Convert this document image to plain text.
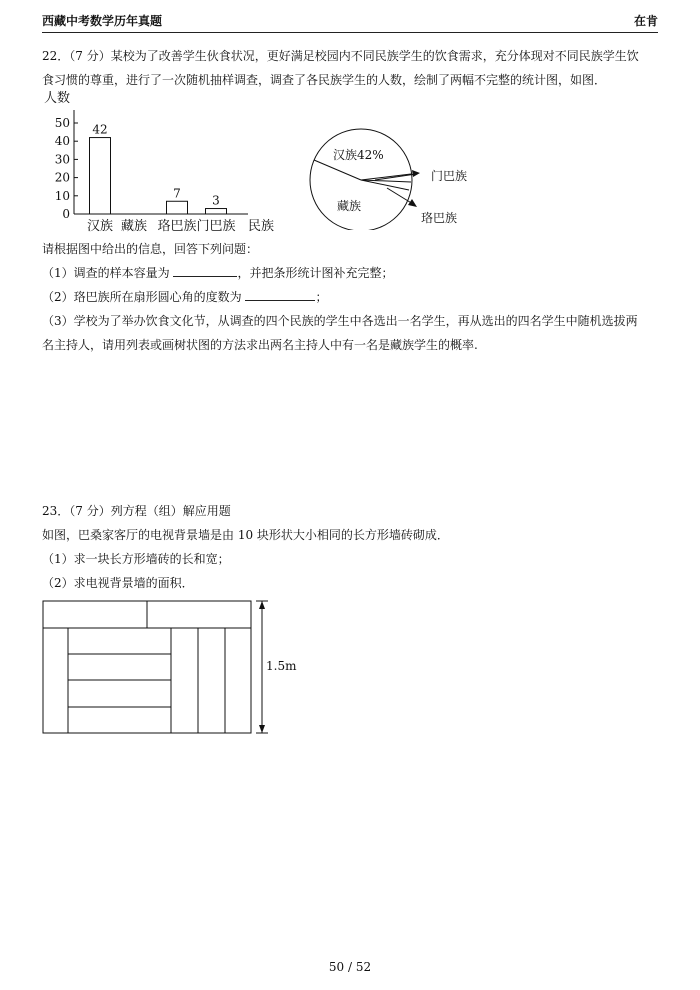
西藏中考数学历年真题	在肯
22．（7 分）某校为了改善学生伙食状况，更好满足校园内不同民族学生的饮食需求，充分体现对不同民族学生饮
食习惯的尊重，进行了一次随机抽样调查，调查了各民族学生的人数，绘制了两幅不完整的统计图，如图．
人数
0
10
20
30
40
50 42
7
3
汉族 藏族 珞巴族 门巴族 民族
汉族42%
藏族
门巴族
珞巴族
请根据图中给出的信息，回答下列问题：
（1）调查的样本容量为	，并把条形统计图补充完整；
（2）珞巴族所在扇形圆心角的度数为	；
（3）学校为了举办饮食文化节，从调查的四个民族的学生中各选出一名学生，再从选出的四名学生中随机选拔两
名主持人，请用列表或画树状图的方法求出两名主持人中有一名是藏族学生的概率.
23．（7 分）列方程（组）解应用题
如图，巴桑家客厅的电视背景墙是由 10 块形状大小相同的长方形墙砖砌成．
（1）求一块长方形墙砖的长和宽；
（2）求电视背景墙的面积．
1.5m
50 / 52
